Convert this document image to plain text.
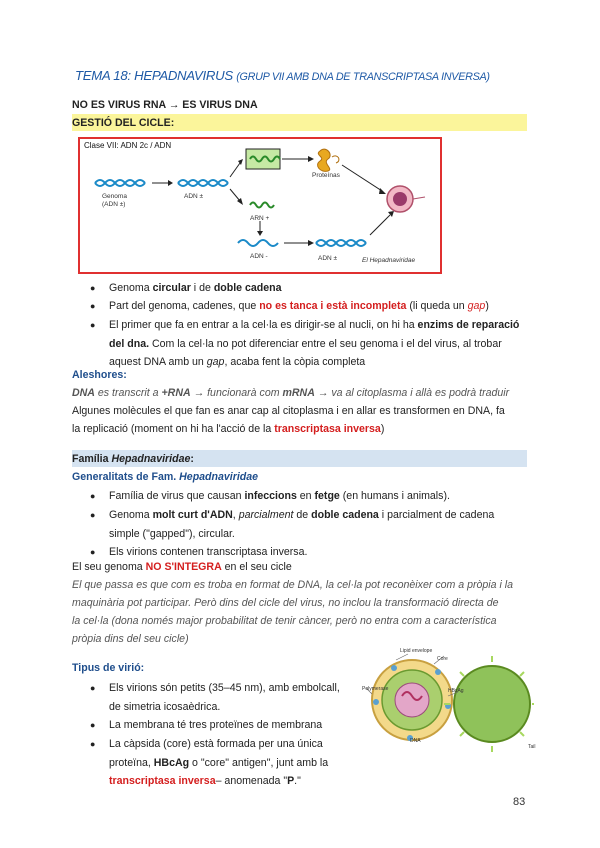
TEMA 18: HEPADNAVIRUS (GRUP VII AMB DNA DE TRANSCRIPTASA INVERSA)
NO ES VIRUS RNA → ES VIRUS DNA
GESTIÓ DEL CICLE:
Clase VII: ADN 2c / ADN
Genoma
(ADN ±)
ADN ±
ARN +
ADN -	ADN ±
Proteínas
El Hepadnaviridae
● Genoma circular i de doble cadena
● Part del genoma, cadenes, que no es tanca i està incompleta (li queda un gap)
● El primer que fa en entrar a la cel·la es dirigir-se al nucli, on hi ha enzims de reparació
del dna. Com la cel·la no pot diferenciar entre el seu genoma i el del virus, al trobar
aquest DNA amb un gap, acaba fent la còpia completa
Aleshores:
DNA es transcrit a +RNA → funcionarà com mRNA → va al citoplasma i allà es podrà traduir
Algunes molècules el que fan es anar cap al citoplasma i en allar es transformen en DNA, fa
la replicació (moment on hi ha l'acció de la transcriptasa inversa)
Família Hepadnaviridae:
Generalitats de Fam. Hepadnaviridae
● Família de virus que causan infeccions en fetge (en humans i animals).
● Genoma molt curt d'ADN, parcialment de doble cadena i parcialment de cadena
simple ("gapped"), circular.
● Els virions contenen transcriptasa inversa.
El seu genoma NO S'INTEGRA en el seu cicle
El que passa es que com es troba en format de DNA, la cel·la pot reconèixer com a pròpia i la
maquinària pot participar. Però dins del cicle del virus, no inclou la transformació directa de
la cel·la (dona només major probabilitat de tenir càncer, però no entra com a característica
pròpia dins del seu cicle)
Tipus de virió:
● Els virions són petits (35–45 nm), amb embolcall,
de simetria icosaèdrica.
● La membrana té tres proteïnes de membrana
● La càpsida (core) està formada per una única
proteïna, HBcAg o "core" antigen", junt amb la
transcriptasa inversa– anomenada "P."
Lipid envelope
Core
Polymerase	HBsAg
DNA
Tail
83
